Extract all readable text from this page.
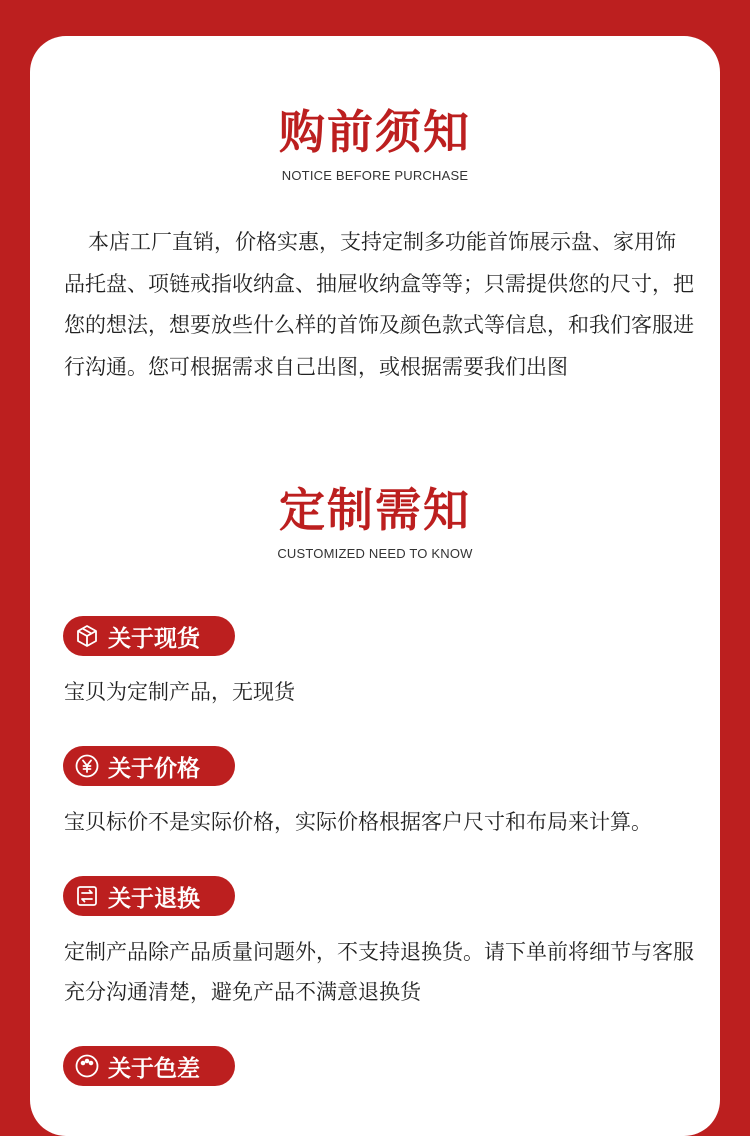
购前须知
NOTICE BEFORE PURCHASE

本店工厂直销，价格实惠，支持定制多功能首饰展示盘、家用饰品托盘、项链戒指收纳盒、抽屉收纳盒等等；只需提供您的尺寸，把您的想法，想要放些什么样的首饰及颜色款式等信息，和我们客服进行沟通。您可根据需求自己出图，或根据需要我们出图

定制需知
CUSTOMIZED NEED TO KNOW
关于现货

宝贝为定制产品，无现货

关于价格

宝贝标价不是实际价格，实际价格根据客户尺寸和布局来计算。

关于退换

定制产品除产品质量问题外，不支持退换货。请下单前将细节与客服充分沟通清楚，避免产品不满意退换货

关于色差
